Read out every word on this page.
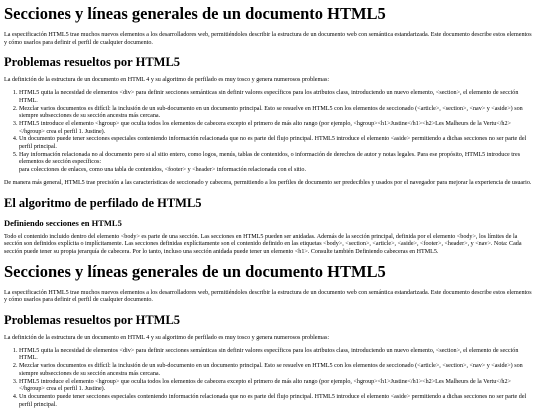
Secciones y líneas generales de un documento HTML5

La especificación HTML5 trae muchos nuevos elementos a los desarrolladores web, permitiéndoles describir la estructura de un documento web con semántica estandarizada. Este documento describe estos elementos y cómo usarlos para definir el perfil de cualquier documento.

Problemas resueltos por HTML5

La definición de la estructura de un documento en HTML 4 y su algoritmo de perfilado es muy tosco y genera numerosos problemas:

1. HTML5 quita la necesidad de elementos <div> para definir secciones semánticas sin definir valores específicos para los atributos class, introduciendo un nuevo elemento, <section>, el elemento de sección HTML.
2. Mezclar varios documentos es difícil: la inclusión de un sub-documento en un documento principal. Esto se resuelve en HTML5 con los elementos de seccionado (<article>, <section>, <nav> y <aside>) son siempre subsecciones de su sección ancestra más cercana.
3. HTML5 introduce el elemento <hgroup> que oculta todos los elementos de cabecera excepto el primero de más alto rango (por ejemplo, <hgroup><h1>Justine</h1><h2>Les Malheurs de la Vertu</h2></hgroup> crea el perfil 1. Justine).
4. Un documento puede tener secciones especiales conteniendo información relacionada que no es parte del flujo principal. HTML5 introduce el elemento <aside> permitiendo a dichas secciones no ser parte del perfil principal.
5. Hay información relacionada no al documento pero si al sitio entero, como logos, menús, tablas de contenidos, o información de derechos de autor y notas legales. Para ese propósito, HTML5 introduce tres elementos de sección específicos:
para colecciones de enlaces, como una tabla de contenidos, <footer> y <header> información relacionada con el sitio.

De manera más general, HTML5 trae precisión a las características de seccionado y cabecera, permitiendo a los perfiles de documento ser predecibles y usados por el navegador para mejorar la experiencia de usuario.

El algoritmo de perfilado de HTML5
Definiendo secciones en HTML5

Todo el contenido incluido dentro del elemento <body> es parte de una sección. Las secciones en HTML5 pueden ser anidadas. Además de la sección principal, definida por el elemento <body>, los límites de la sección son definidos explícita o implícitamente. Las secciones definidas explícitamente son el contenido definido en las etiquetas <body>, <section>, <article>, <aside>, <footer>, <header>, y <nav>. Nota: Cada sección puede tener su propia jerarquía de cabecera. Por lo tanto, incluso una sección anidada puede tener un elemento <h1>. Consulte también Definiendo cabeceras en HTML5.

Secciones y líneas generales de un documento HTML5

La especificación HTML5 trae muchos nuevos elementos a los desarrolladores web, permitiéndoles describir la estructura de un documento web con semántica estandarizada. Este documento describe estos elementos y cómo usarlos para definir el perfil de cualquier documento.

Problemas resueltos por HTML5

La definición de la estructura de un documento en HTML 4 y su algoritmo de perfilado es muy tosco y genera numerosos problemas:

1. HTML5 quita la necesidad de elementos <div> para definir secciones semánticas sin definir valores específicos para los atributos class, introduciendo un nuevo elemento, <section>, el elemento de sección HTML.
2. Mezclar varios documentos es difícil: la inclusión de un sub-documento en un documento principal. Esto se resuelve en HTML5 con los elementos de seccionado (<article>, <section>, <nav> y <aside>) son siempre subsecciones de su sección ancestra más cercana.
3. HTML5 introduce el elemento <hgroup> que oculta todos los elementos de cabecera excepto el primero de más alto rango (por ejemplo, <hgroup><h1>Justine</h1><h2>Les Malheurs de la Vertu</h2></hgroup> crea el perfil 1. Justine).
4. Un documento puede tener secciones especiales conteniendo información relacionada que no es parte del flujo principal. HTML5 introduce el elemento <aside> permitiendo a dichas secciones no ser parte del perfil principal.
